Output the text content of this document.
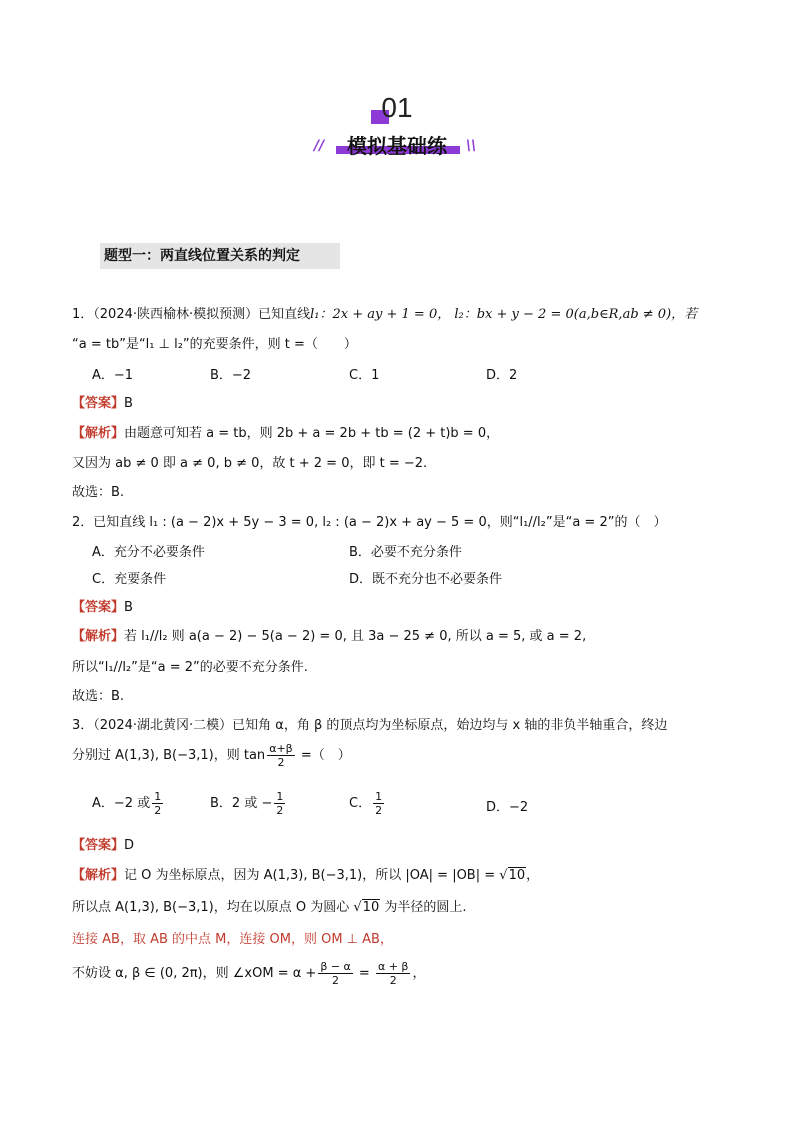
01
//	模拟基础练	\\
题型一：两直线位置关系的判定
1．（2024·陕西榆林·模拟预测）已知直线l₁：2x + ay + 1 = 0， l₂：bx + y − 2 = 0(a,b∈R,ab ≠ 0)，若
“a = tb”是“l₁ ⊥ l₂”的充要条件，则 t =（　　）
A．−1	B．−2	C．1	D．2
【答案】B
【解析】由题意可知若 a = tb，则 2b + a = 2b + tb = (2 + t)b = 0，
又因为 ab ≠ 0 即 a ≠ 0, b ≠ 0，故 t + 2 = 0，即 t = −2.
故选：B.
2．已知直线 l₁ : (a − 2)x + 5y − 3 = 0, l₂ : (a − 2)x + ay − 5 = 0，则“l₁//l₂”是“a = 2”的（　）
A．充分不必要条件	B．必要不充分条件
C．充要条件	D．既不充分也不必要条件
【答案】B
【解析】若 l₁//l₂ 则 a(a − 2) − 5(a − 2) = 0, 且 3a − 25 ≠ 0, 所以 a = 5, 或 a = 2,
所以“l₁//l₂”是“a = 2”的必要不充分条件.
故选：B.
3．（2024·湖北黄冈·二模）已知角 α，角 β 的顶点均为坐标原点，始边均与 x 轴的非负半轴重合，终边
分别过 A(1,3), B(−3,1)，则 $\tan \frac{\alpha+\beta}{2}$ =（　）
A．−2 或 $\frac{1}{2}$	B．2 或 − $\frac{1}{2}$	C． $\frac{1}{2}$	D．−2
【答案】D
【解析】记 O 为坐标原点，因为 A(1,3), B(−3,1)，所以 |OA| = |OB| = √10，
所以点 A(1,3), B(−3,1)，均在以原点 O 为圆心 √10 为半径的圆上.
连接 AB，取 AB 的中点 M，连接 OM，则 OM ⊥ AB，
不妨设 α, β ∈ (0, 2π)，则 ∠xOM = $\alpha + \frac{\beta - \alpha}{2} = \frac{\alpha + \beta}{2}$ ，
